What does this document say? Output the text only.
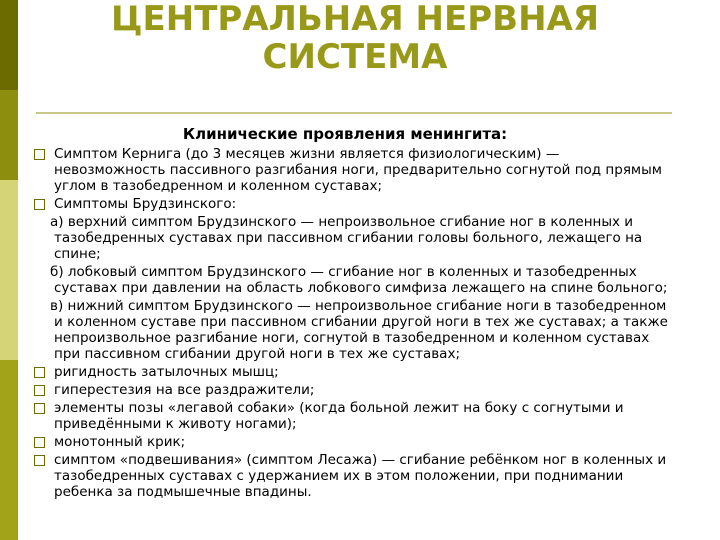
ЦЕНТРАЛЬНАЯ НЕРВНАЯ
СИСТЕМА
Клинические проявления менингита:
Симптом Кернига (до 3 месяцев жизни является физиологическим) — невозможность пассивного разгибания ноги, предварительно согнутой под прямым углом в тазобедренном и коленном суставах;
Симптомы Брудзинского:
а) верхний симптом Брудзинского — непроизвольное сгибание ног в коленных и тазобедренных суставах при пассивном сгибании головы больного, лежащего на спине;
б) лобковый симптом Брудзинского — сгибание ног в коленных и тазобедренных суставах при давлении на область лобкового симфиза лежащего на спине больного;
в) нижний симптом Брудзинского — непроизвольное сгибание ноги в тазобедренном и коленном суставе при пассивном сгибании другой ноги в тех же суставах; а также непроизвольное разгибание ноги, согнутой в тазобедренном и коленном суставах при пассивном сгибании другой ноги в тех же суставах;
ригидность затылочных мышц;
гиперестезия на все раздражители;
элементы позы «легавой собаки» (когда больной лежит на боку с согнутыми и приведёнными к животу ногами);
монотонный крик;
симптом «подвешивания» (симптом Лесажа) — сгибание ребёнком ног в коленных и тазобедренных суставах с удержанием их в этом положении, при поднимании ребенка за подмышечные впадины.
